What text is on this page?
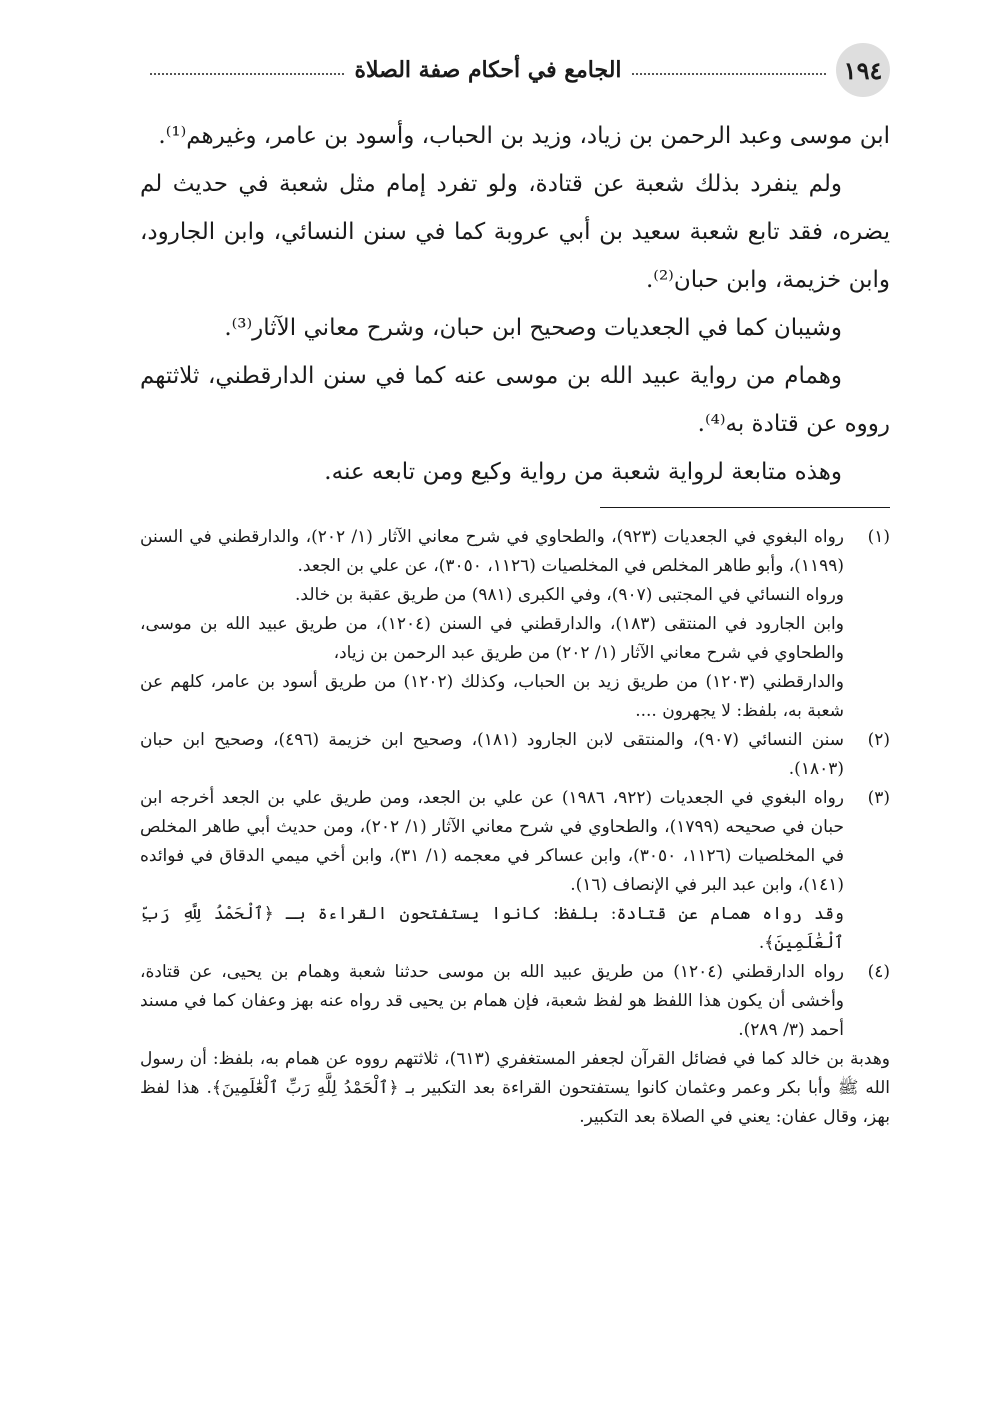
١٩٤
الجامع في أحكام صفة الصلاة

ابن موسى وعبد الرحمن بن زياد، وزيد بن الحباب، وأسود بن عامر، وغيرهم⁽¹⁾.

ولم ينفرد بذلك شعبة عن قتادة، ولو تفرد إمام مثل شعبة في حديث لم يضره، فقد تابع شعبة سعيد بن أبي عروبة كما في سنن النسائي، وابن الجارود، وابن خزيمة، وابن حبان⁽²⁾.

وشيبان كما في الجعديات وصحيح ابن حبان، وشرح معاني الآثار⁽³⁾.

وهمام من رواية عبيد الله بن موسى عنه كما في سنن الدارقطني، ثلاثتهم رووه عن قتادة به⁽⁴⁾.

وهذه متابعة لرواية شعبة من رواية وكيع ومن تابعه عنه.

(١)

رواه البغوي في الجعديات (٩٢٣)، والطحاوي في شرح معاني الآثار (١/ ٢٠٢)، والدارقطني في السنن (١١٩٩)، وأبو طاهر المخلص في المخلصيات (١١٢٦، ٣٠٥٠)، عن علي بن الجعد.

ورواه النسائي في المجتبى (٩٠٧)، وفي الكبرى (٩٨١) من طريق عقبة بن خالد.

وابن الجارود في المنتقى (١٨٣)، والدارقطني في السنن (١٢٠٤)، من طريق عبيد الله بن موسى، والطحاوي في شرح معاني الآثار (١/ ٢٠٢) من طريق عبد الرحمن بن زياد،

والدارقطني (١٢٠٣) من طريق زيد بن الحباب، وكذلك (١٢٠٢) من طريق أسود بن عامر، كلهم عن شعبة به، بلفظ: لا يجهرون ....

(٢)

سنن النسائي (٩٠٧)، والمنتقى لابن الجارود (١٨١)، وصحيح ابن خزيمة (٤٩٦)، وصحيح ابن حبان (١٨٠٣).

(٣)

رواه البغوي في الجعديات (٩٢٢، ١٩٨٦) عن علي بن الجعد، ومن طريق علي بن الجعد أخرجه ابن حبان في صحيحه (١٧٩٩)، والطحاوي في شرح معاني الآثار (١/ ٢٠٢)، ومن حديث أبي طاهر المخلص في المخلصيات (١١٢٦، ٣٠٥٠)، وابن عساكر في معجمه (١/ ٣١)، وابن أخي ميمي الدقاق في فوائده (١٤١)، وابن عبد البر في الإنصاف (١٦).

وقد رواه همام عن قتادة: بلفظ: كانوا يستفتحون القراءة بـ ﴿ٱلْحَمْدُ لِلَّهِ رَبِّ ٱلْعَٰلَمِينَ﴾.

(٤)

رواه الدارقطني (١٢٠٤) من طريق عبيد الله بن موسى حدثنا شعبة وهمام بن يحيى، عن قتادة، وأخشى أن يكون هذا اللفظ هو لفظ شعبة، فإن همام بن يحيى قد رواه عنه بهز وعفان كما في مسند أحمد (٣/ ٢٨٩).

وهدبة بن خالد كما في فضائل القرآن لجعفر المستغفري (٦١٣)، ثلاثتهم رووه عن همام به، بلفظ: أن رسول الله ﷺ وأبا بكر وعمر وعثمان كانوا يستفتحون القراءة بعد التكبير بـ ﴿ٱلْحَمْدُ لِلَّهِ رَبِّ ٱلْعَٰلَمِينَ﴾. هذا لفظ بهز، وقال عفان: يعني في الصلاة بعد التكبير.
